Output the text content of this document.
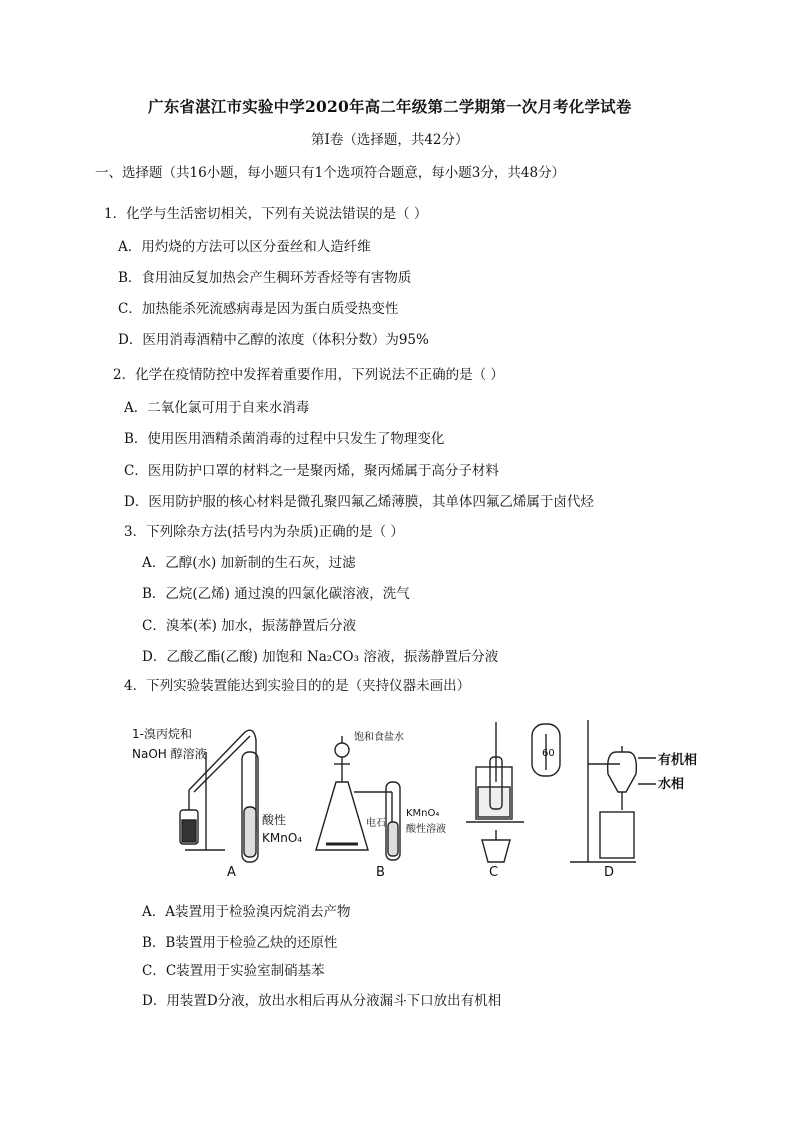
广东省湛江市实验中学2020年高二年级第二学期第一次月考化学试卷
第Ⅰ卷（选择题，共42分）
一、选择题（共16小题，每小题只有1个选项符合题意，每小题3分，共48分）
1．化学与生活密切相关，下列有关说法错误的是（ ）
A．用灼烧的方法可以区分蚕丝和人造纤维
B．食用油反复加热会产生稠环芳香烃等有害物质
C．加热能杀死流感病毒是因为蛋白质受热变性
D．医用消毒酒精中乙醇的浓度（体积分数）为95%
2．化学在疫情防控中发挥着重要作用，下列说法不正确的是（ ）
A．二氧化氯可用于自来水消毒
B．使用医用酒精杀菌消毒的过程中只发生了物理变化
C．医用防护口罩的材料之一是聚丙烯，聚丙烯属于高分子材料
D．医用防护服的核心材料是微孔聚四氟乙烯薄膜，其单体四氟乙烯属于卤代烃
3．下列除杂方法(括号内为杂质)正确的是（ ）
A．乙醇(水) 加新制的生石灰，过滤
B．乙烷(乙烯) 通过溴的四氯化碳溶液，洗气
C．溴苯(苯) 加水，振荡静置后分液
D．乙酸乙酯(乙酸) 加饱和 Na₂CO₃ 溶液，振荡静置后分液
4．下列实验装置能达到实验目的的是（夹持仪器未画出）
1-溴丙烷和
NaOH 醇溶液
酸性
KMnO₄
饱和食盐水
电石
KMnO₄
酸性溶液
60	有机相
水相
A	B	C	D
A．A装置用于检验溴丙烷消去产物
B．B装置用于检验乙炔的还原性
C．C装置用于实验室制硝基苯
D．用装置D分液，放出水相后再从分液漏斗下口放出有机相
